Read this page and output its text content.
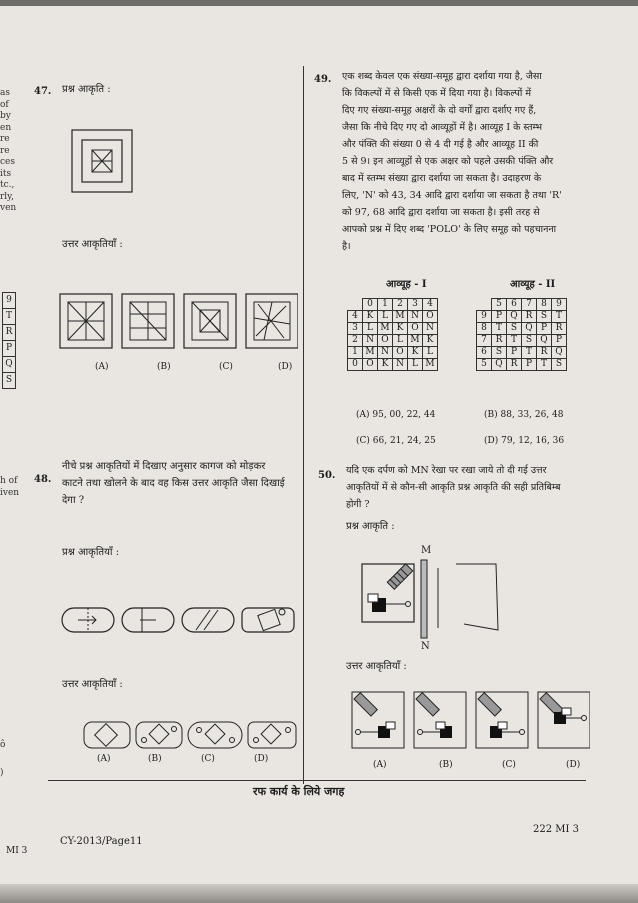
as
of
by
en
re
re
ces
its
tc.,
rly,
ven
9
T
R
P
Q
S
h of
iven
ô
)
47. प्रश्न आकृति :
उत्तर आकृतियाँ :
(A)	(B)	(C)	(D)
48.
नीचे प्रश्न आकृतियों में दिखाए अनुसार कागज को मोड़कर
काटने तथा खोलने के बाद वह किस उत्तर आकृति जैसा दिखाई
देगा ?
प्रश्न आकृतियाँ :
उत्तर आकृतियाँ :
(A)	(B)	(C)	(D)
49. एक शब्द केवल एक संख्या-समूह द्वारा दर्शाया गया है, जैसा
कि विकल्पों में से किसी एक में दिया गया है। विकल्पों में
दिए गए संख्या-समूह अक्षरों के दो वर्गों द्वारा दर्शाए गए हैं,
जैसा कि नीचे दिए गए दो आव्यूहों में है। आव्यूह I के स्तम्भ
और पंक्ति की संख्या 0 से 4 दी गई है और आव्यूह II की
5 से 9। इन आव्यूहों से एक अक्षर को पहले उसकी पंक्ति और
बाद में स्तम्भ संख्या द्वारा दर्शाया जा सकता है। उदाहरण के
लिए, 'N' को 43, 34 आदि द्वारा दर्शाया जा सकता है तथा 'R'
को 97, 68 आदि द्वारा दर्शाया जा सकता है। इसी तरह से
आपको प्रश्न में दिए शब्द 'POLO' के लिए समूह को पहचानना
है।
आव्यूह - I	आव्यूह - II
	0	1	2	3	4
4	K	L	M	N	O
3	L	M	K	O	N
2	N	O	L	M	K
1	M	N	O	K	L
0	O	K	N	L	M
	5	6	7	8	9
9	P	Q	R	S	T
8	T	S	Q	P	R
7	R	T	S	Q	P
6	S	P	T	R	Q
5	Q	R	P	T	S
(A) 95, 00, 22, 44	(B) 88, 33, 26, 48
(C) 66, 21, 24, 25	(D) 79, 12, 16, 36
50. यदि एक दर्पण को MN रेखा पर रखा जाये तो दी गई उत्तर
आकृतियों में से कौन-सी आकृति प्रश्न आकृति की सही प्रतिबिम्ब
होगी ?
प्रश्न आकृति :
M
N
उत्तर आकृतियाँ :
(A)	(B)	(C)	(D)
रफ कार्य के लिये जगह
CY-2013/Page11
222 MI 3
MI 3
